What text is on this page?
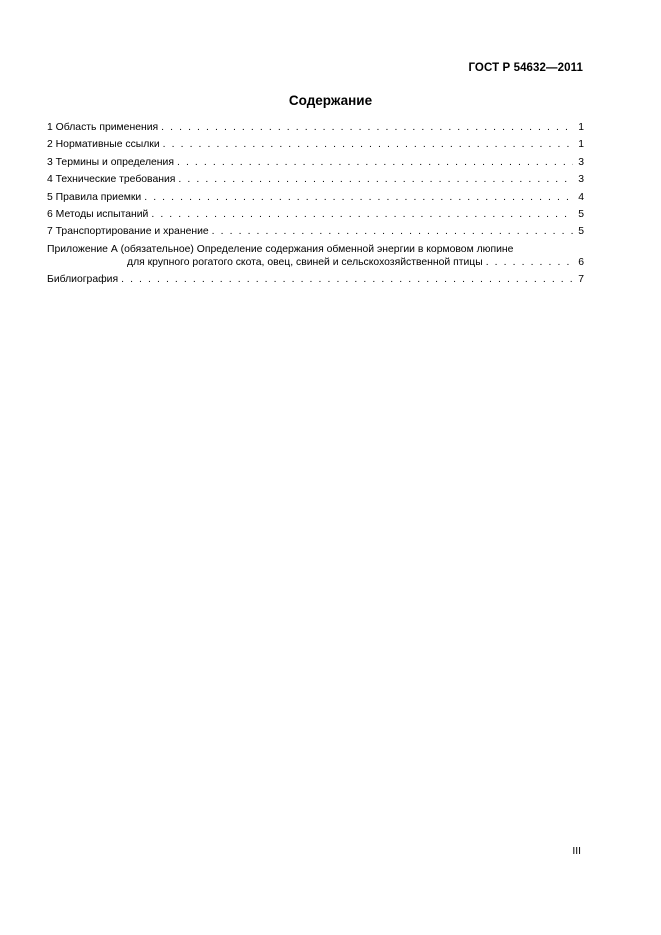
ГОСТ Р 54632—2011
Содержание
1 Область применения . . .	1
2 Нормативные ссылки . . .	1
3 Термины и определения . . .	3
4 Технические требования . . .	3
5 Правила приемки . . .	4
6 Методы испытаний . . .	5
7 Транспортирование и хранение . . .	5
Приложение А (обязательное) Определение содержания обменной энергии в кормовом люпине
для крупного рогатого скота, овец, свиней и сельскохозяйственной птицы . . .	6
Библиография . . .	7
III
